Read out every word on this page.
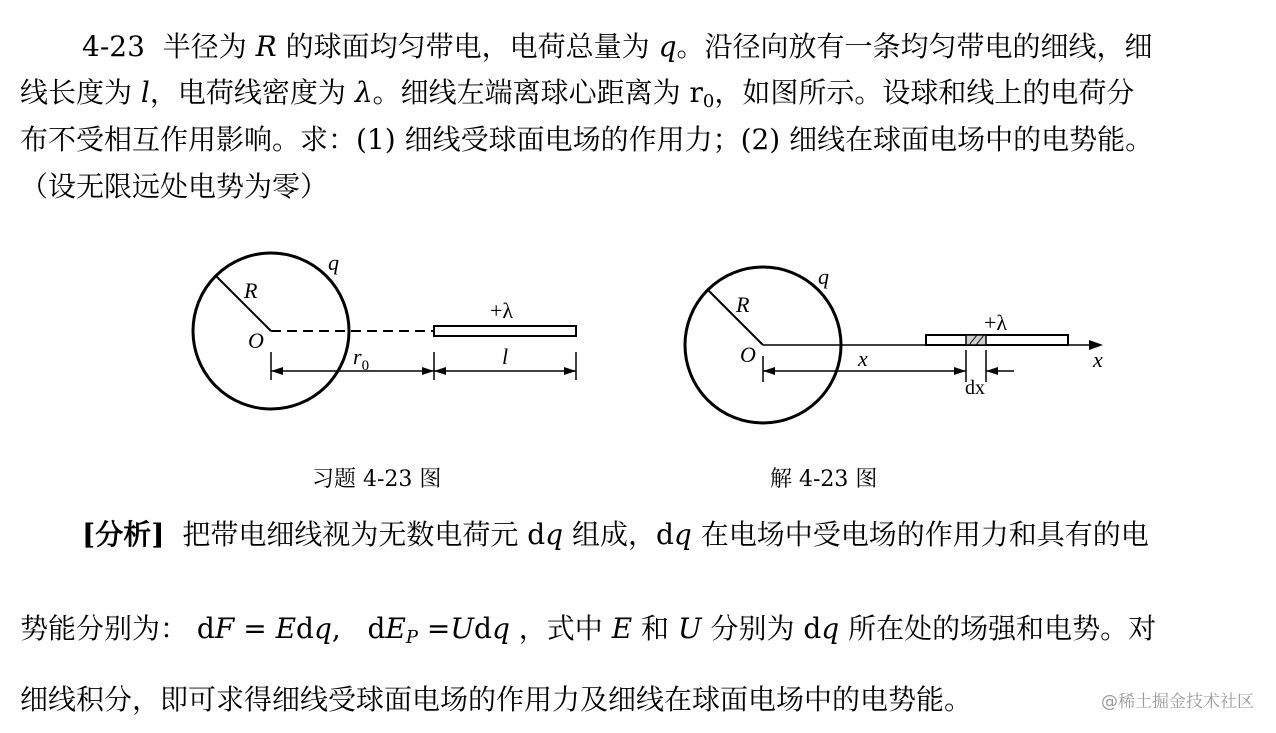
4-23 半径为 R 的球面均匀带电，电荷总量为 q。沿径向放有一条均匀带电的细线，细
线长度为 l，电荷线密度为 λ。细线左端离球心距离为 $r_0$，如图所示。设球和线上的电荷分
布不受相互作用影响。求：(1) 细线受球面电场的作用力；(2) 细线在球面电场中的电势能。
（设无限远处电势为零）
q
R
O
+λ
$r_0$	l
习题 4-23 图
q
R
O
+λ
x
dx
x
解 4-23 图
[分析] 把带电细线视为无数电荷元 dq 组成，dq 在电场中受电场的作用力和具有的电
势能分别为： dF = Edq, $dE_P =Udq$ ，式中 E 和 U 分别为 dq 所在处的场强和电势。对
细线积分，即可求得细线受球面电场的作用力及细线在球面电场中的电势能。	@稀土掘金技术社区
